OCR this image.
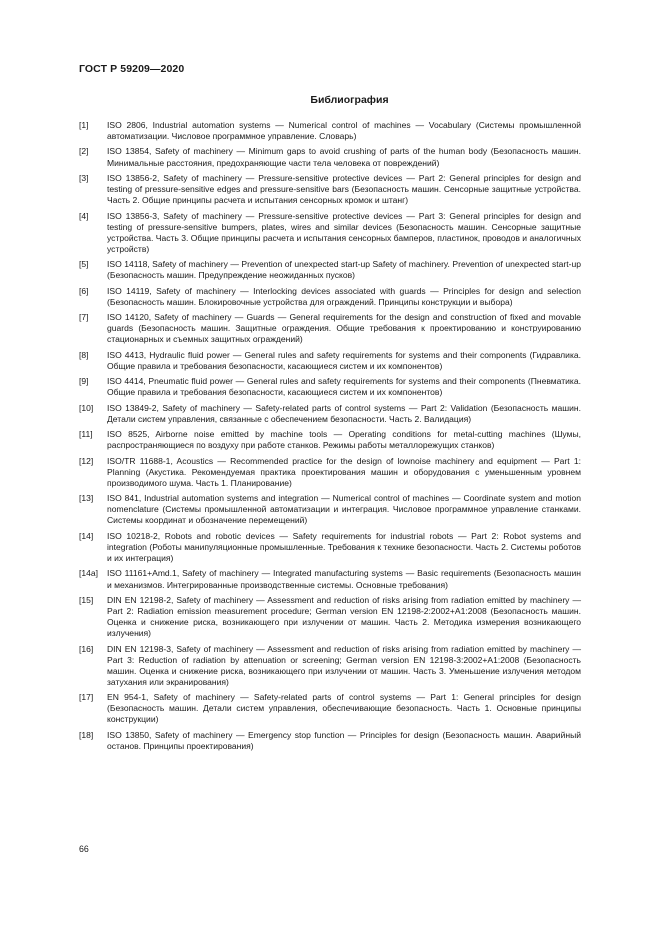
ГОСТ Р 59209—2020
Библиография
[1]	ISO 2806, Industrial automation systems — Numerical control of machines — Vocabulary (Системы промышленной автоматизации. Числовое программное управление. Словарь)
[2]	ISO 13854, Safety of machinery — Minimum gaps to avoid crushing of parts of the human body (Безопасность машин. Минимальные расстояния, предохраняющие части тела человека от повреждений)
[3]	ISO 13856-2, Safety of machinery — Pressure-sensitive protective devices — Part 2: General principles for design and testing of pressure-sensitive edges and pressure-sensitive bars (Безопасность машин. Сенсорные защитные устройства. Часть 2. Общие принципы расчета и испытания сенсорных кромок и штанг)
[4]	ISO 13856-3, Safety of machinery — Pressure-sensitive protective devices — Part 3: General principles for design and testing of pressure-sensitive bumpers, plates, wires and similar devices (Безопасность машин. Сенсорные защитные устройства. Часть 3. Общие принципы расчета и испытания сенсорных бамперов, пластинок, проводов и аналогичных устройств)
[5]	ISO 14118, Safety of machinery — Prevention of unexpected start-up Safety of machinery. Prevention of unexpected start-up (Безопасность машин. Предупреждение неожиданных пусков)
[6]	ISO 14119, Safety of machinery — Interlocking devices associated with guards — Principles for design and selection (Безопасность машин. Блокировочные устройства для ограждений. Принципы конструкции и выбора)
[7]	ISO 14120, Safety of machinery — Guards — General requirements for the design and construction of fixed and movable guards (Безопасность машин. Защитные ограждения. Общие требования к проектированию и конструированию стационарных и съемных защитных ограждений)
[8]	ISO 4413, Hydraulic fluid power — General rules and safety requirements for systems and their components (Гидравлика. Общие правила и требования безопасности, касающиеся систем и их компонентов)
[9]	ISO 4414, Pneumatic fluid power — General rules and safety requirements for systems and their components (Пневматика. Общие правила и требования безопасности, касающиеся систем и их компонентов)
[10]	ISO 13849-2, Safety of machinery — Safety-related parts of control systems — Part 2: Validation (Безопасность машин. Детали систем управления, связанные с обеспечением безопасности. Часть 2. Валидация)
[11]	ISO 8525, Airborne noise emitted by machine tools — Operating conditions for metal-cutting machines (Шумы, распространяющиеся по воздуху при работе станков. Режимы работы металлорежущих станков)
[12]	ISO/TR 11688-1, Acoustics — Recommended practice for the design of lownoise machinery and equipment — Part 1: Planning (Акустика. Рекомендуемая практика проектирования машин и оборудования с уменьшенным уровнем производимого шума. Часть 1. Планирование)
[13]	ISO 841, Industrial automation systems and integration — Numerical control of machines — Coordinate system and motion nomenclature (Системы промышленной автоматизации и интеграция. Числовое программное управление станками. Системы координат и обозначение перемещений)
[14]	ISO 10218-2, Robots and robotic devices — Safety requirements for industrial robots — Part 2: Robot systems and integration (Роботы манипуляционные промышленные. Требования к технике безопасности. Часть 2. Системы роботов и их интеграция)
[14a]	ISO 11161+Amd.1, Safety of machinery — Integrated manufacturing systems — Basic requirements (Безопасность машин и механизмов. Интегрированные производственные системы. Основные требования)
[15]	DIN EN 12198-2, Safety of machinery — Assessment and reduction of risks arising from radiation emitted by machinery — Part 2: Radiation emission measurement procedure; German version EN 12198-2:2002+A1:2008 (Безопасность машин. Оценка и снижение риска, возникающего при излучении от машин. Часть 2. Методика измерения возникающего излучения)
[16]	DIN EN 12198-3, Safety of machinery — Assessment and reduction of risks arising from radiation emitted by machinery — Part 3: Reduction of radiation by attenuation or screening; German version EN 12198-3:2002+A1:2008 (Безопасность машин. Оценка и снижение риска, возникающего при излучении от машин. Часть 3. Уменьшение излучения методом затухания или экранирования)
[17]	EN 954-1, Safety of machinery — Safety-related parts of control systems — Part 1: General principles for design (Безопасность машин. Детали систем управления, обеспечивающие безопасность. Часть 1. Основные принципы конструкции)
[18]	ISO 13850, Safety of machinery — Emergency stop function — Principles for design (Безопасность машин. Аварийный останов. Принципы проектирования)
66
